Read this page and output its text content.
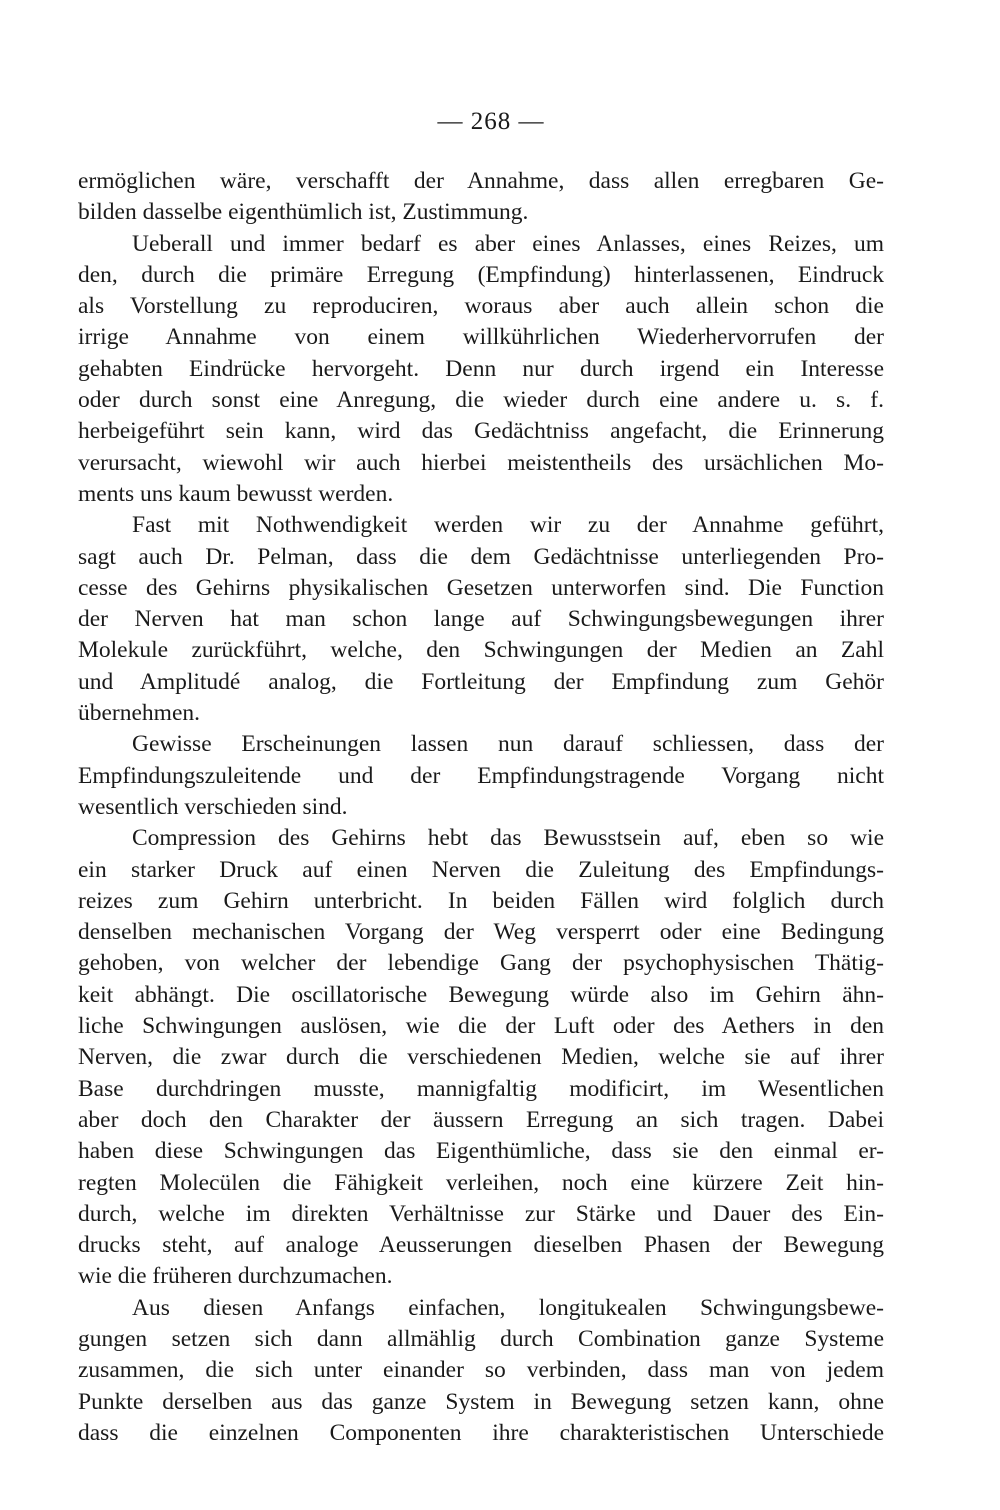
— 268 —
ermöglichen wäre, verschafft der Annahme, dass allen erregbaren Ge-
bilden dasselbe eigenthümlich ist, Zustimmung.
Ueberall und immer bedarf es aber eines Anlasses, eines Reizes, um
den, durch die primäre Erregung (Empfindung) hinterlassenen, Eindruck
als Vorstellung zu reproduciren, woraus aber auch allein schon die
irrige Annahme von einem willkührlichen Wiederhervorrufen der
gehabten Eindrücke hervorgeht. Denn nur durch irgend ein Interesse
oder durch sonst eine Anregung, die wieder durch eine andere u. s. f.
herbeigeführt sein kann, wird das Gedächtniss angefacht, die Erinnerung
verursacht, wiewohl wir auch hierbei meistentheils des ursächlichen Mo-
ments uns kaum bewusst werden.
Fast mit Nothwendigkeit werden wir zu der Annahme geführt,
sagt auch Dr. Pelman, dass die dem Gedächtnisse unterliegenden Pro-
cesse des Gehirns physikalischen Gesetzen unterworfen sind. Die Function
der Nerven hat man schon lange auf Schwingungsbewegungen ihrer
Molekule zurückführt, welche, den Schwingungen der Medien an Zahl
und Amplitudé analog, die Fortleitung der Empfindung zum Gehör
übernehmen.
Gewisse Erscheinungen lassen nun darauf schliessen, dass der
Empfindungszuleitende und der Empfindungstragende Vorgang nicht
wesentlich verschieden sind.
Compression des Gehirns hebt das Bewusstsein auf, eben so wie
ein starker Druck auf einen Nerven die Zuleitung des Empfindungs-
reizes zum Gehirn unterbricht. In beiden Fällen wird folglich durch
denselben mechanischen Vorgang der Weg versperrt oder eine Bedingung
gehoben, von welcher der lebendige Gang der psychophysischen Thätig-
keit abhängt. Die oscillatorische Bewegung würde also im Gehirn ähn-
liche Schwingungen auslösen, wie die der Luft oder des Aethers in den
Nerven, die zwar durch die verschiedenen Medien, welche sie auf ihrer
Base durchdringen musste, mannigfaltig modificirt, im Wesentlichen
aber doch den Charakter der äussern Erregung an sich tragen. Dabei
haben diese Schwingungen das Eigenthümliche, dass sie den einmal er-
regten Molecülen die Fähigkeit verleihen, noch eine kürzere Zeit hin-
durch, welche im direkten Verhältnisse zur Stärke und Dauer des Ein-
drucks steht, auf analoge Aeusserungen dieselben Phasen der Bewegung
wie die früheren durchzumachen.
Aus diesen Anfangs einfachen, longitukealen Schwingungsbewe-
gungen setzen sich dann allmählig durch Combination ganze Systeme
zusammen, die sich unter einander so verbinden, dass man von jedem
Punkte derselben aus das ganze System in Bewegung setzen kann, ohne
dass die einzelnen Componenten ihre charakteristischen Unterschiede
